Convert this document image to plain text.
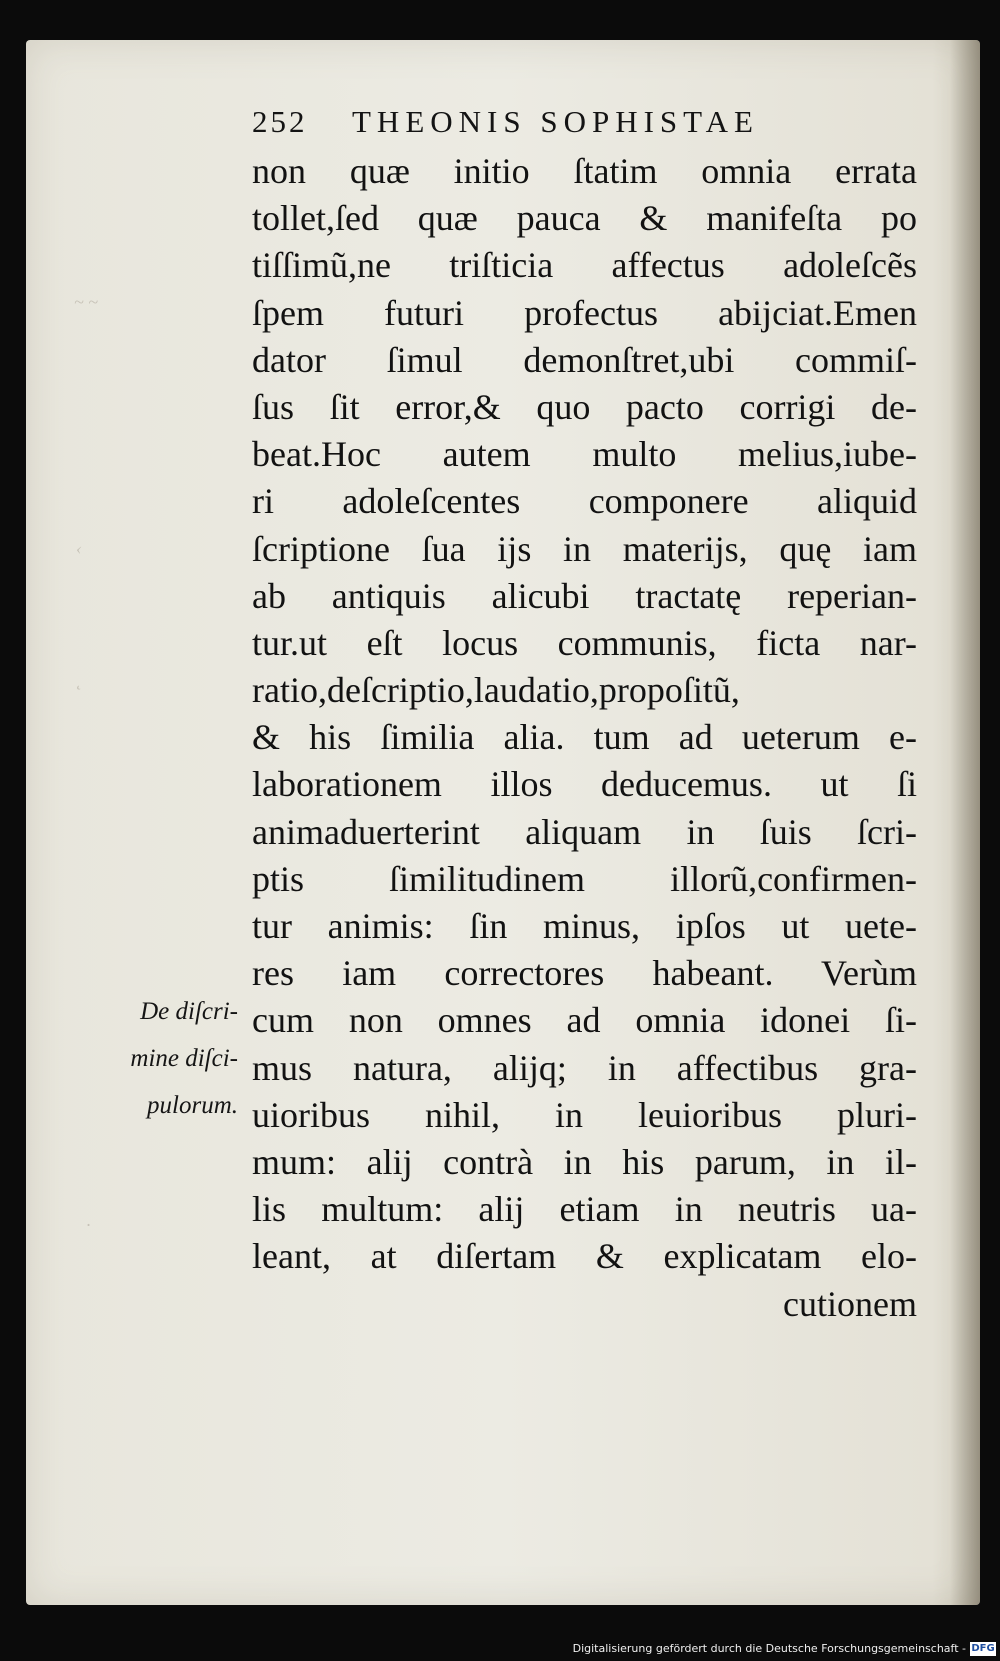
~ ~
‹
˛
·
252 THEONIS SOPHISTAE
non quæ initio ſtatim omnia errata
tollet,ſed quæ pauca & manifeſta po
tiſſimũ,ne triſticia affectus adoleſcẽs
ſpem futuri profectus abijciat.Emen
dator ſimul demonſtret,ubi commiſ-
ſus ſit error,& quo pacto corrigi de-
beat.Hoc autem multo melius,iube-
ri adoleſcentes componere aliquid
ſcriptione ſua ijs in materijs, quę iam
ab antiquis alicubi tractatę reperian-
tur.ut eſt locus communis, ficta nar-
ratio,deſcriptio,laudatio,propoſitũ,
& his ſimilia alia. tum ad ueterum e-
laborationem illos deducemus. ut ſi
animaduerterint aliquam in ſuis ſcri-
ptis ſimilitudinem illorũ,confirmen-
tur animis: ſin minus, ipſos ut uete-
res iam correctores habeant. Verùm
cum non omnes ad omnia idonei ſi-
mus natura, alijq; in affectibus gra-
uioribus nihil, in leuioribus pluri-
mum: alij contrà in his parum, in il-
lis multum: alij etiam in neutris ua-
leant, at diſertam & explicatam elo-
cutionem
De diſcri-
mine diſci-
pulorum.
Digitalisierung gefördert durch die Deutsche Forschungsgemeinschaft - DFG
